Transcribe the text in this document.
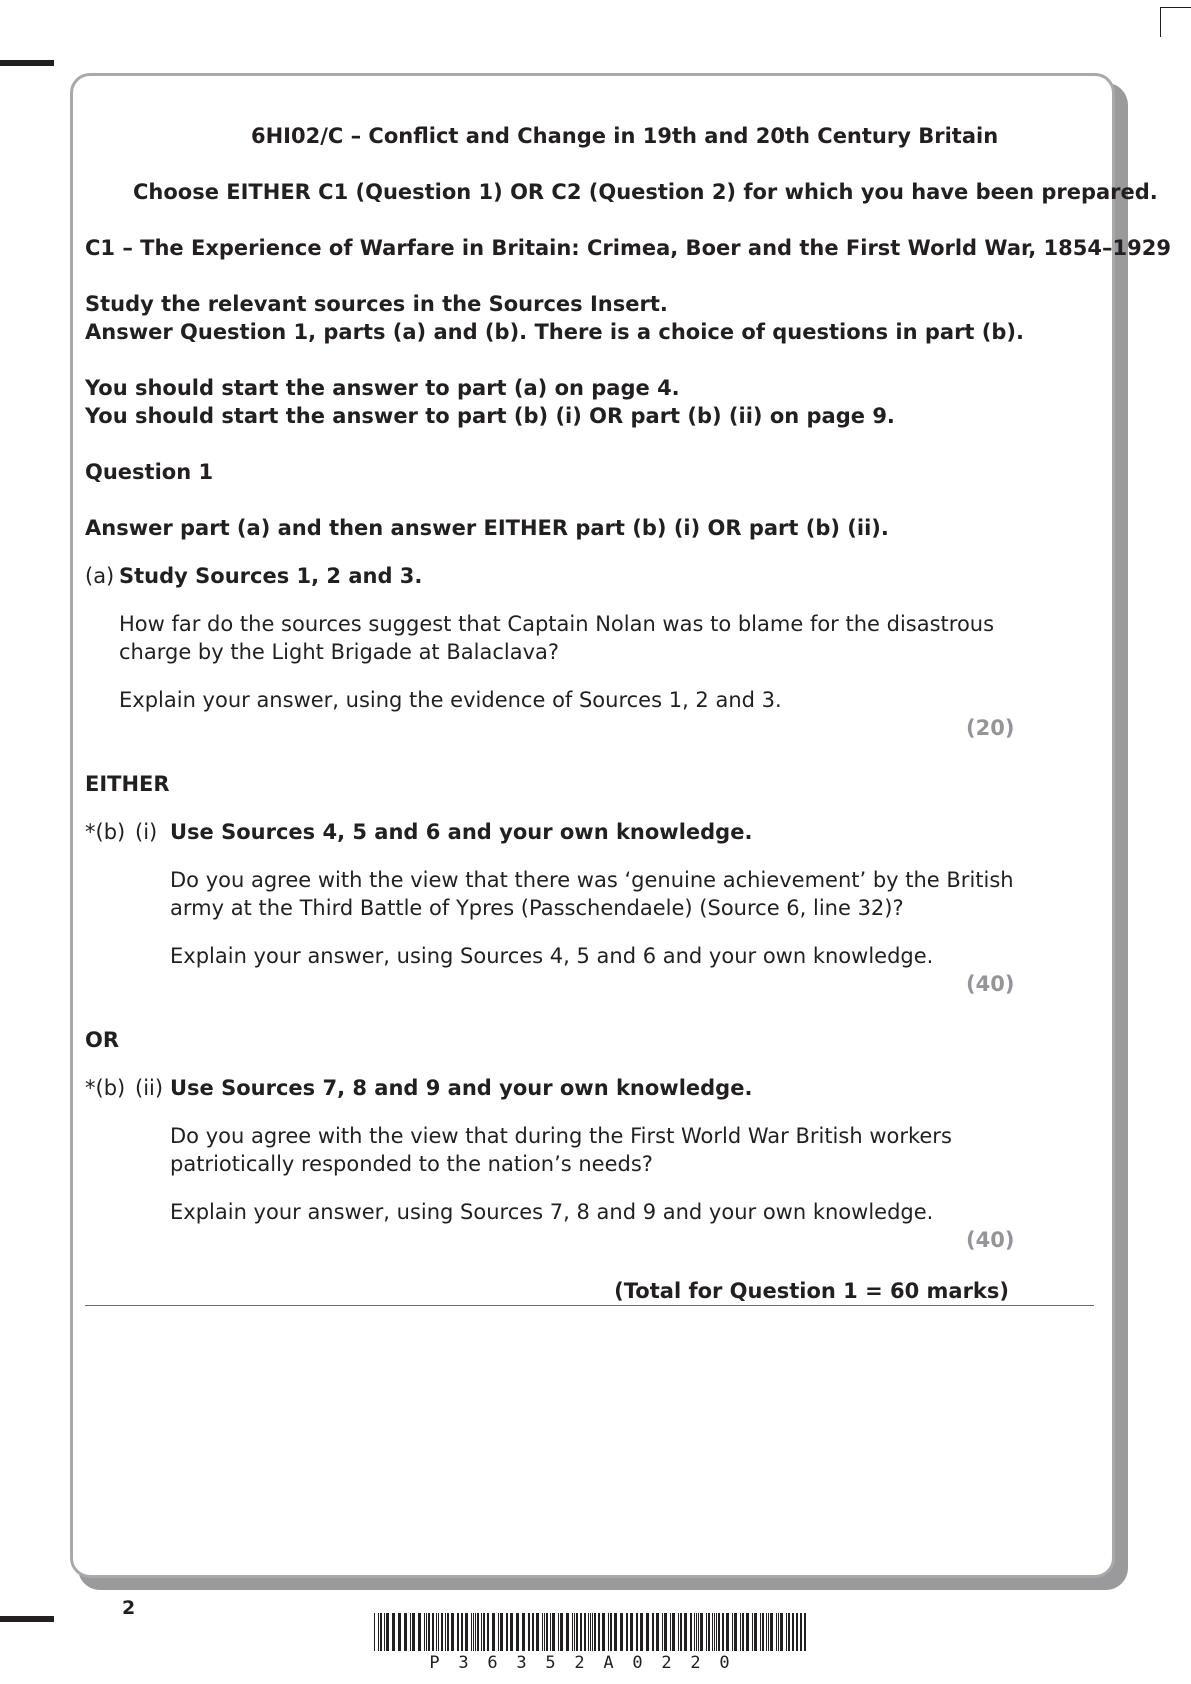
6HI02/C – Conflict and Change in 19th and 20th Century Britain
Choose EITHER C1 (Question 1) OR C2 (Question 2) for which you have been prepared.
C1 – The Experience of Warfare in Britain: Crimea, Boer and the First World War, 1854–1929
Study the relevant sources in the Sources Insert.
Answer Question 1, parts (a) and (b). There is a choice of questions in part (b).
You should start the answer to part (a) on page 4.
You should start the answer to part (b) (i) OR part (b) (ii) on page 9.
Question 1
Answer part (a) and then answer EITHER part (b) (i) OR part (b) (ii).
(a) Study Sources 1, 2 and 3.
How far do the sources suggest that Captain Nolan was to blame for the disastrous
charge by the Light Brigade at Balaclava?
Explain your answer, using the evidence of Sources 1, 2 and 3.
(20)
EITHER
*(b) (i) Use Sources 4, 5 and 6 and your own knowledge.
Do you agree with the view that there was ‘genuine achievement’ by the British
army at the Third Battle of Ypres (Passchendaele) (Source 6, line 32)?
Explain your answer, using Sources 4, 5 and 6 and your own knowledge.
(40)
OR
*(b) (ii) Use Sources 7, 8 and 9 and your own knowledge.
Do you agree with the view that during the First World War British workers
patriotically responded to the nation’s needs?
Explain your answer, using Sources 7, 8 and 9 and your own knowledge.
(40)
(Total for Question 1 = 60 marks)
2
P 3 6 3 5 2 A 0 2 2 0
